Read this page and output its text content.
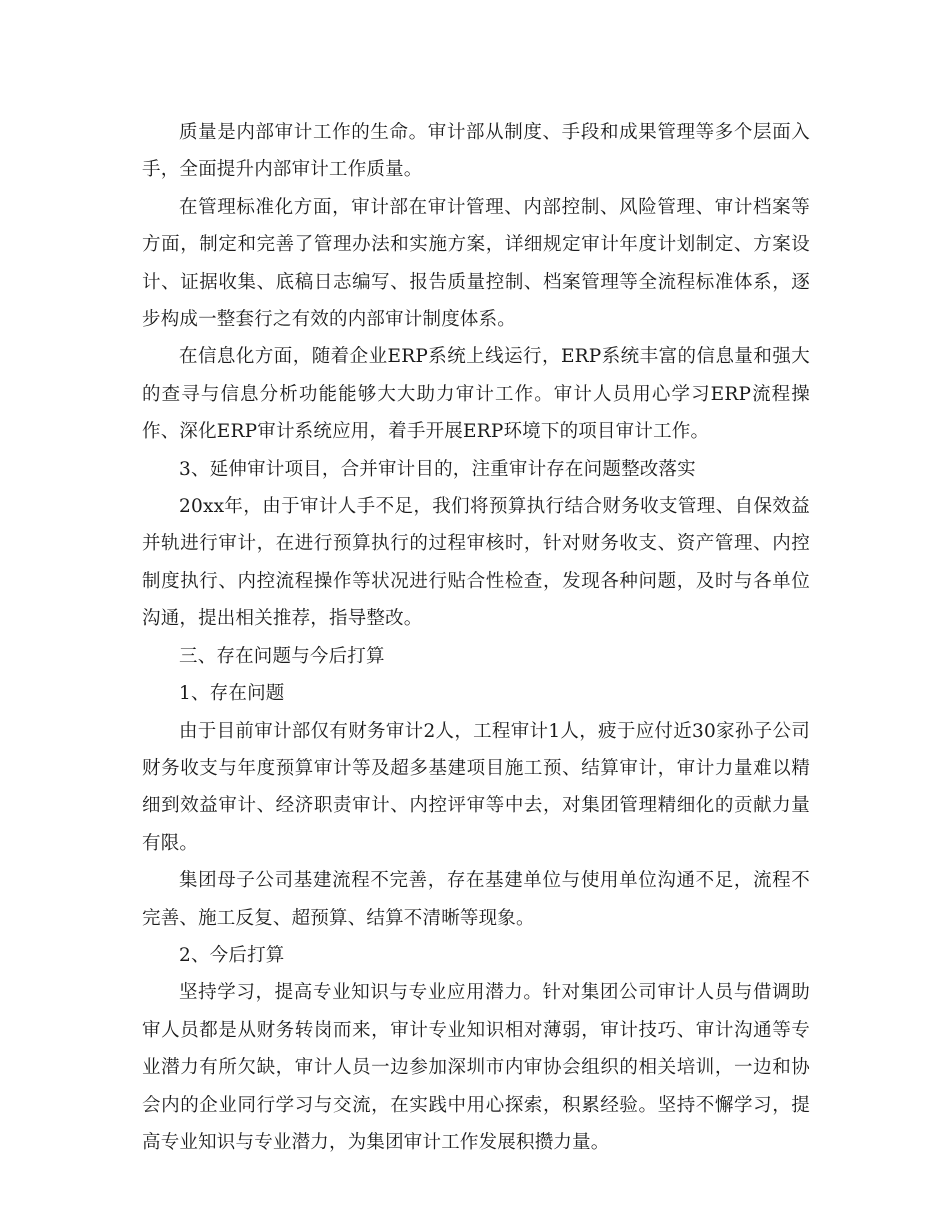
质量是内部审计工作的生命。审计部从制度、手段和成果管理等多个层面入手，全面提升内部审计工作质量。

在管理标准化方面，审计部在审计管理、内部控制、风险管理、审计档案等方面，制定和完善了管理办法和实施方案，详细规定审计年度计划制定、方案设计、证据收集、底稿日志编写、报告质量控制、档案管理等全流程标准体系，逐步构成一整套行之有效的内部审计制度体系。

在信息化方面，随着企业ERP系统上线运行，ERP系统丰富的信息量和强大的查寻与信息分析功能能够大大助力审计工作。审计人员用心学习ERP流程操作、深化ERP审计系统应用，着手开展ERP环境下的项目审计工作。

3、延伸审计项目，合并审计目的，注重审计存在问题整改落实

20xx年，由于审计人手不足，我们将预算执行结合财务收支管理、自保效益并轨进行审计，在进行预算执行的过程审核时，针对财务收支、资产管理、内控制度执行、内控流程操作等状况进行贴合性检查，发现各种问题，及时与各单位沟通，提出相关推荐，指导整改。

三、存在问题与今后打算

1、存在问题

由于目前审计部仅有财务审计2人，工程审计1人，疲于应付近30家孙子公司财务收支与年度预算审计等及超多基建项目施工预、结算审计，审计力量难以精细到效益审计、经济职责审计、内控评审等中去，对集团管理精细化的贡献力量有限。

集团母子公司基建流程不完善，存在基建单位与使用单位沟通不足，流程不完善、施工反复、超预算、结算不清晰等现象。

2、今后打算

坚持学习，提高专业知识与专业应用潜力。针对集团公司审计人员与借调助审人员都是从财务转岗而来，审计专业知识相对薄弱，审计技巧、审计沟通等专业潜力有所欠缺，审计人员一边参加深圳市内审协会组织的相关培训，一边和协会内的企业同行学习与交流，在实践中用心探索，积累经验。坚持不懈学习，提高专业知识与专业潜力，为集团审计工作发展积攒力量。
